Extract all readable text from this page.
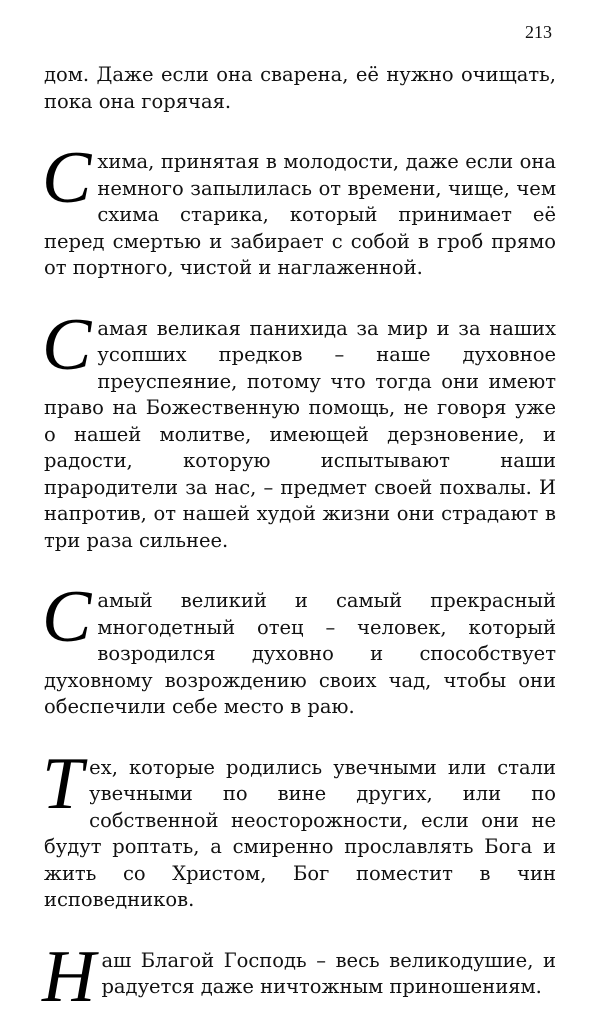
213

дом. Даже если она сварена, её нужно очищать, пока она горячая.

Схима, принятая в молодости, даже если она немного запылилась от времени, чище, чем схима старика, который принимает её перед смертью и забирает с собой в гроб прямо от портного, чистой и наглаженной.

Самая великая панихида за мир и за наших усопших предков – наше духовное преуспеяние, потому что тогда они имеют право на Божественную помощь, не говоря уже о нашей молитве, имеющей дерзновение, и радости, которую испытывают наши прародители за нас, – предмет своей похвалы. И напротив, от нашей худой жизни они страдают в три раза сильнее.

Самый великий и самый прекрасный многодетный отец – человек, который возродился духовно и способствует духовному возрождению своих чад, чтобы они обеспечили себе место в раю.

Тех, которые родились увечными или стали увечными по вине других, или по собственной неосторожности, если они не будут роптать, а смиренно прославлять Бога и жить со Христом, Бог поместит в чин исповедников.

Наш Благой Господь – весь великодушие, и радуется даже ничтожным приношениям.
